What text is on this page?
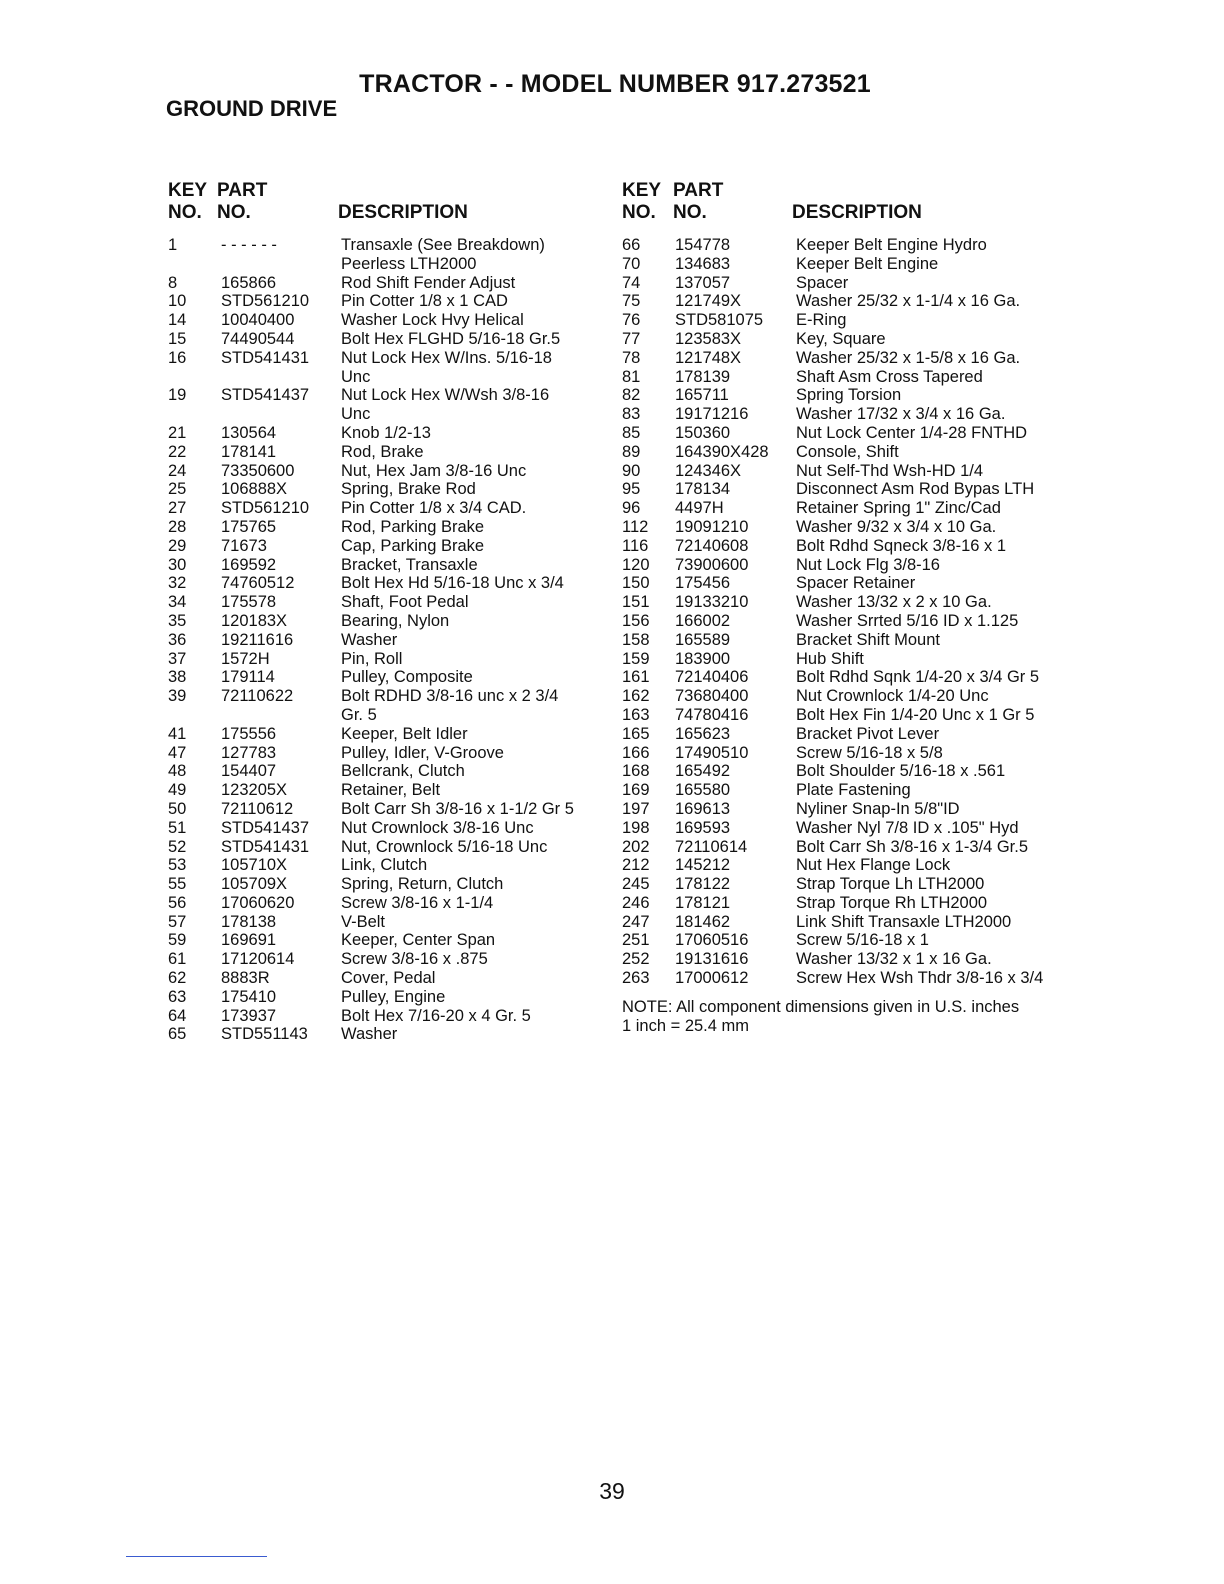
TRACTOR - - MODEL NUMBER 917.273521
GROUND DRIVE
KEY PART
NO. NO.	DESCRIPTION
1	- - - - - -	Transaxle (See Breakdown)
Peerless LTH2000
8	165866	Rod Shift Fender Adjust
10	STD561210	Pin Cotter 1/8 x 1 CAD
14	10040400	Washer Lock Hvy Helical
15	74490544	Bolt Hex FLGHD 5/16-18 Gr.5
16	STD541431	Nut Lock Hex W/Ins. 5/16-18
Unc
19	STD541437	Nut Lock Hex W/Wsh 3/8-16
Unc
21	130564	Knob 1/2-13
22	178141	Rod, Brake
24	73350600	Nut, Hex Jam 3/8-16 Unc
25	106888X	Spring, Brake Rod
27	STD561210	Pin Cotter 1/8 x 3/4 CAD.
28	175765	Rod, Parking Brake
29	71673	Cap, Parking Brake
30	169592	Bracket, Transaxle
32	74760512	Bolt Hex Hd 5/16-18 Unc x 3/4
34	175578	Shaft, Foot Pedal
35	120183X	Bearing, Nylon
36	19211616	Washer
37	1572H	Pin, Roll
38	179114	Pulley, Composite
39	72110622	Bolt RDHD 3/8-16 unc x 2 3/4
Gr. 5
41	175556	Keeper, Belt Idler
47	127783	Pulley, Idler, V-Groove
48	154407	Bellcrank, Clutch
49	123205X	Retainer, Belt
50	72110612	Bolt Carr Sh 3/8-16 x 1-1/2 Gr 5
51	STD541437	Nut Crownlock 3/8-16 Unc
52	STD541431	Nut, Crownlock 5/16-18 Unc
53	105710X	Link, Clutch
55	105709X	Spring, Return, Clutch
56	17060620	Screw 3/8-16 x 1-1/4
57	178138	V-Belt
59	169691	Keeper, Center Span
61	17120614	Screw 3/8-16 x .875
62	8883R	Cover, Pedal
63	175410	Pulley, Engine
64	173937	Bolt Hex 7/16-20 x 4 Gr. 5
65	STD551143	Washer
KEY PART
NO. NO.	DESCRIPTION
66	154778	Keeper Belt Engine Hydro
70	134683	Keeper Belt Engine
74	137057	Spacer
75	121749X	Washer 25/32 x 1-1/4 x 16 Ga.
76	STD581075	E-Ring
77	123583X	Key, Square
78	121748X	Washer 25/32 x 1-5/8 x 16 Ga.
81	178139	Shaft Asm Cross Tapered
82	165711	Spring Torsion
83	19171216	Washer 17/32 x 3/4 x 16 Ga.
85	150360	Nut Lock Center 1/4-28 FNTHD
89	164390X428	Console, Shift
90	124346X	Nut Self-Thd Wsh-HD 1/4
95	178134	Disconnect Asm Rod Bypas LTH
96	4497H	Retainer Spring 1" Zinc/Cad
112	19091210	Washer 9/32 x 3/4 x 10 Ga.
116	72140608	Bolt Rdhd Sqneck 3/8-16 x 1
120	73900600	Nut Lock Flg 3/8-16
150	175456	Spacer Retainer
151	19133210	Washer 13/32 x 2 x 10 Ga.
156	166002	Washer Srrted 5/16 ID x 1.125
158	165589	Bracket Shift Mount
159	183900	Hub Shift
161	72140406	Bolt Rdhd Sqnk 1/4-20 x 3/4 Gr 5
162	73680400	Nut Crownlock 1/4-20 Unc
163	74780416	Bolt Hex Fin 1/4-20 Unc x 1 Gr 5
165	165623	Bracket Pivot Lever
166	17490510	Screw 5/16-18 x 5/8
168	165492	Bolt Shoulder 5/16-18 x .561
169	165580	Plate Fastening
197	169613	Nyliner Snap-In 5/8"ID
198	169593	Washer Nyl 7/8 ID x .105" Hyd
202	72110614	Bolt Carr Sh 3/8-16 x 1-3/4 Gr.5
212	145212	Nut Hex Flange Lock
245	178122	Strap Torque Lh LTH2000
246	178121	Strap Torque Rh LTH2000
247	181462	Link Shift Transaxle LTH2000
251	17060516	Screw 5/16-18 x 1
252	19131616	Washer 13/32 x 1 x 16 Ga.
263	17000612	Screw Hex Wsh Thdr 3/8-16 x 3/4
NOTE: All component dimensions given in U.S. inches
1 inch = 25.4 mm
39
